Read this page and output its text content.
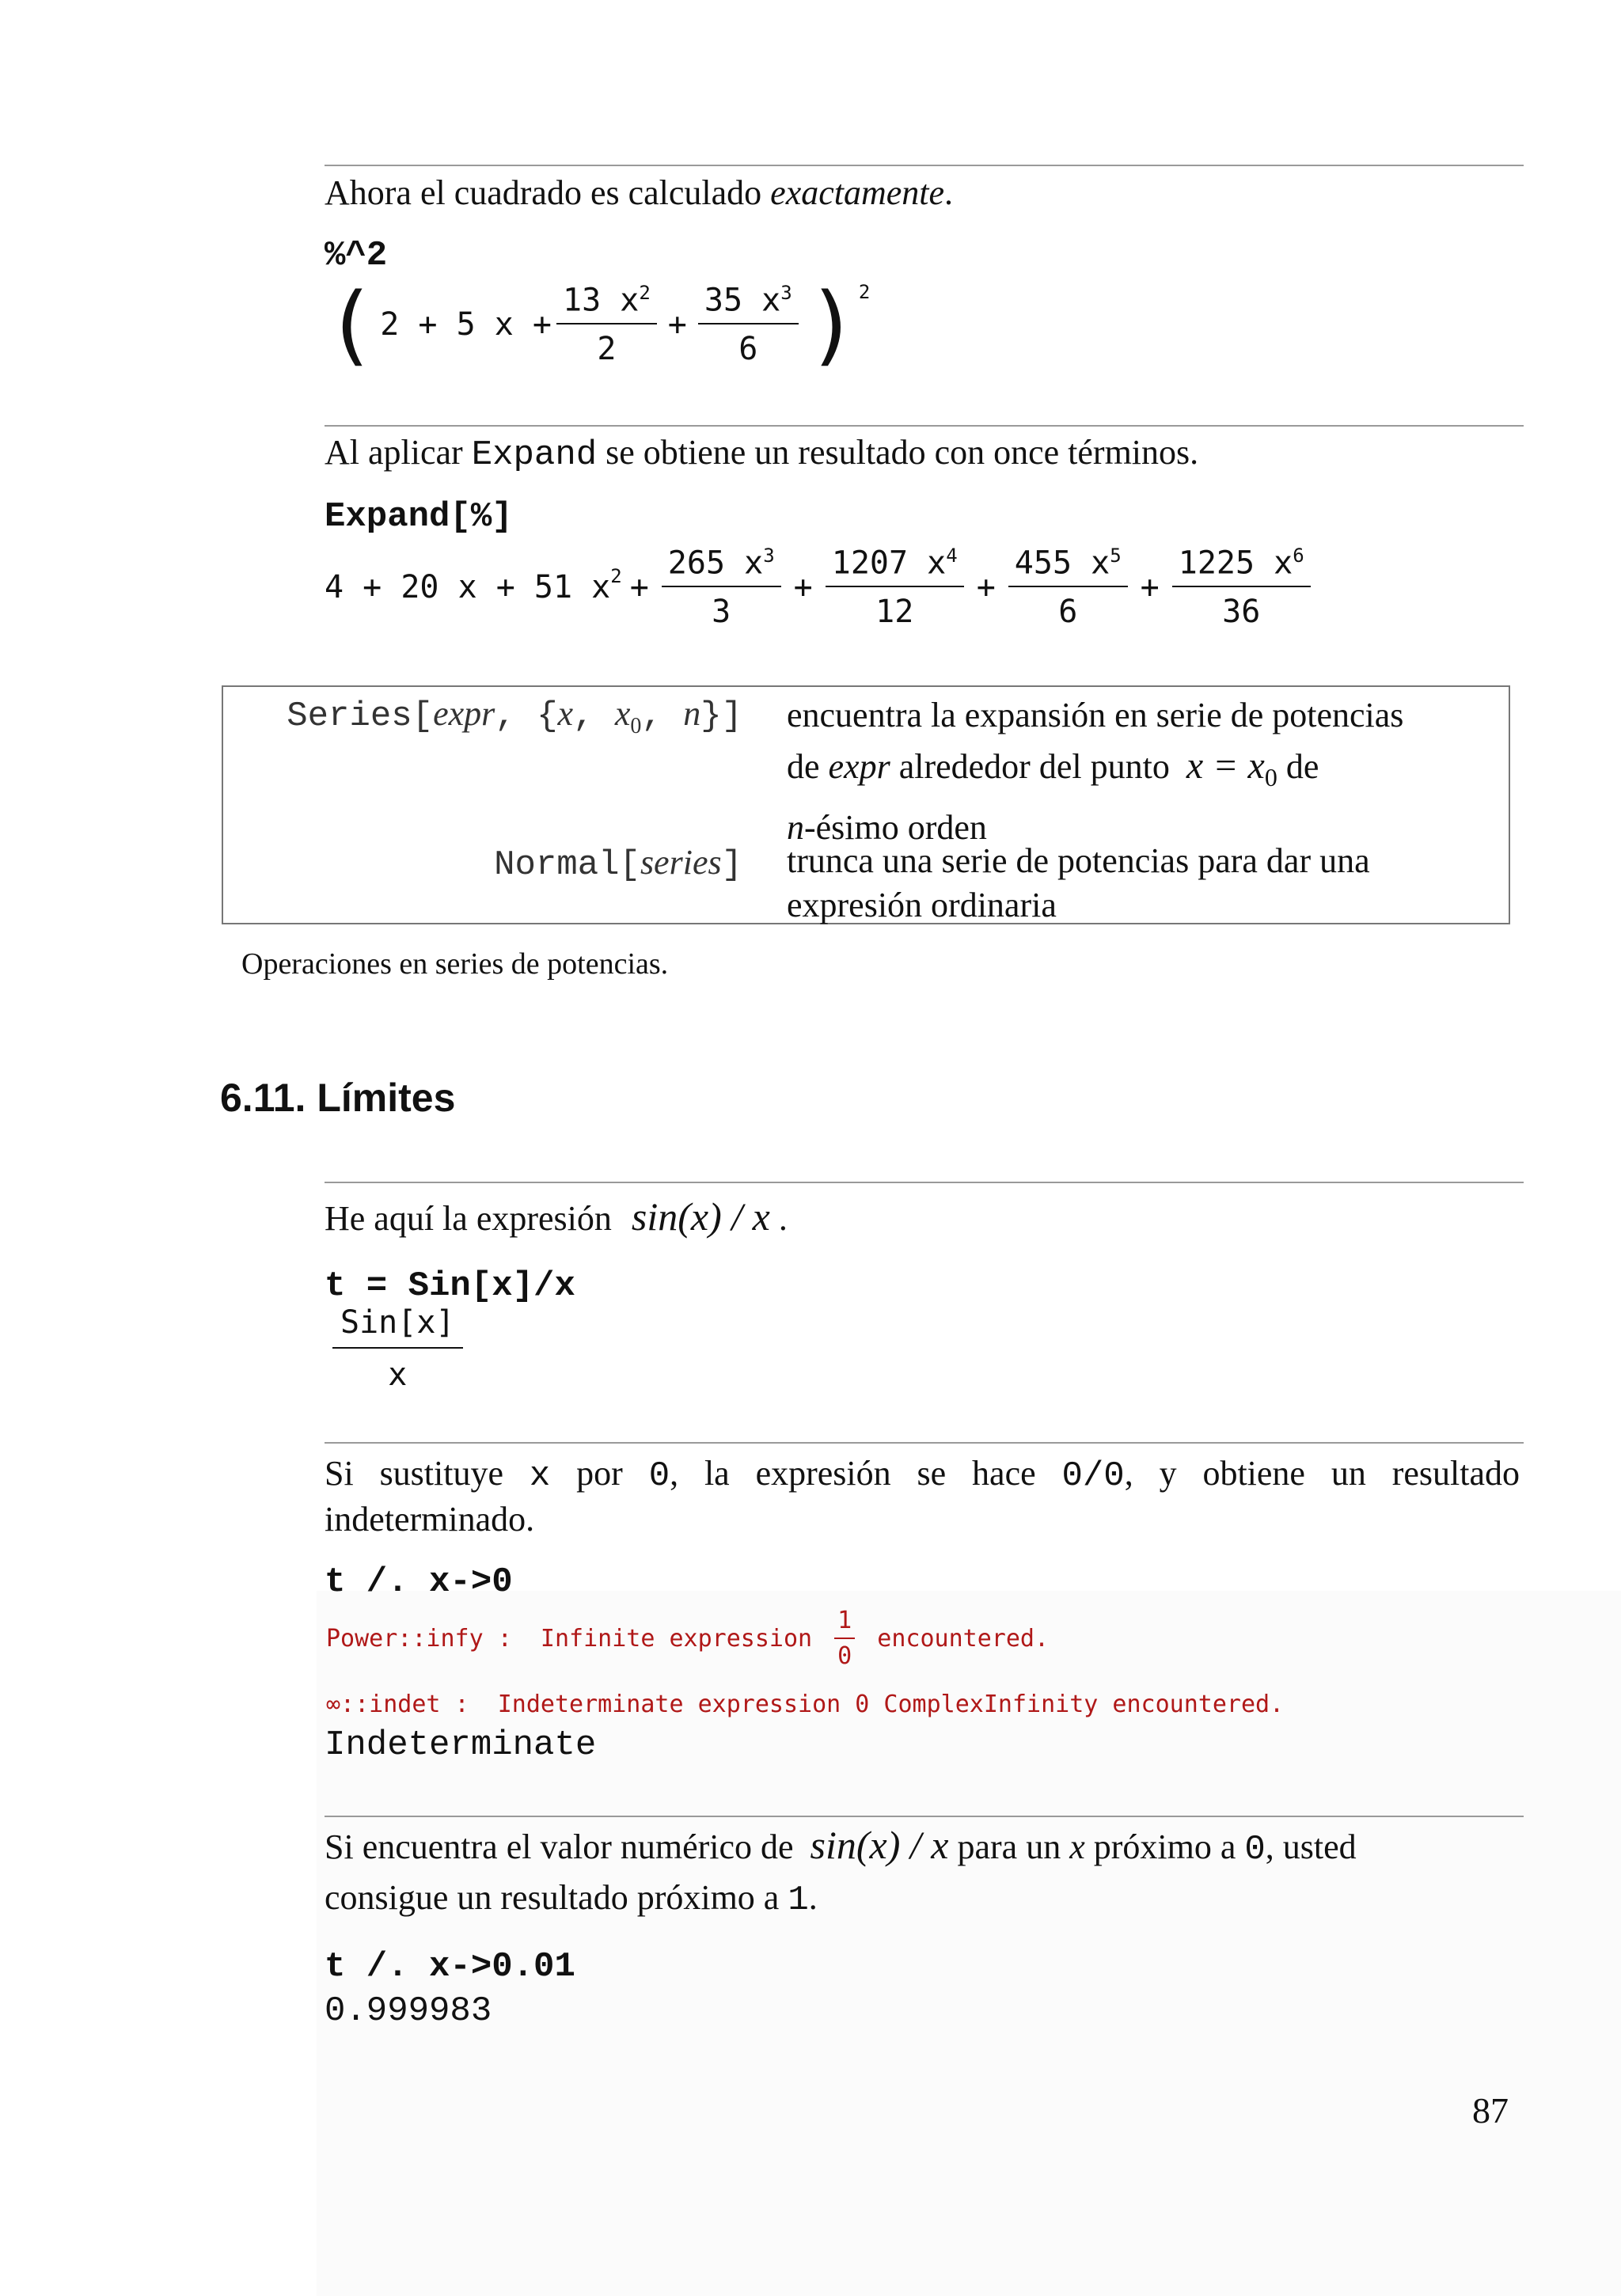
Ahora el cuadrado es calculado exactamente.
%^2
( 2 + 5 $x + \frac{13 x^2}{2} + \frac{35 x^3}{6} )^2$
Al aplicar Expand se obtiene un resultado con once términos.
Expand[%]
4 + 20 x + 51 $x^2 + \frac{265 x^3}{3} + \frac{1207 x^4}{12} + \frac{455 x^5}{6} + \frac{1225 x^6}{36}$
Series[expr, {x, $x_0$, n}] encuentra la expansión en serie de potencias
de expr alrededor del punto $x = x_0$ de
n-ésimo orden
Normal[series] trunca una serie de potencias para dar una
expresión ordinaria
Operaciones en series de potencias.
6.11. Límites
He aquí la expresión sin(x) / x .
t = Sin[x]/x
$\frac{\text{Sin[x]}}{x}$
Si sustituye x por 0, la expresión se hace 0/0, y obtiene un resultado
indeterminado.
t /. x->0
Power::infy :  Infinite expression $\frac{1}{0}$ encountered.
∞::indet :  Indeterminate expression 0 ComplexInfinity encountered.
Indeterminate
Si encuentra el valor numérico de sin(x) / x para un x próximo a 0, usted
consigue un resultado próximo a 1.
t /. x->0.01
0.999983
87
